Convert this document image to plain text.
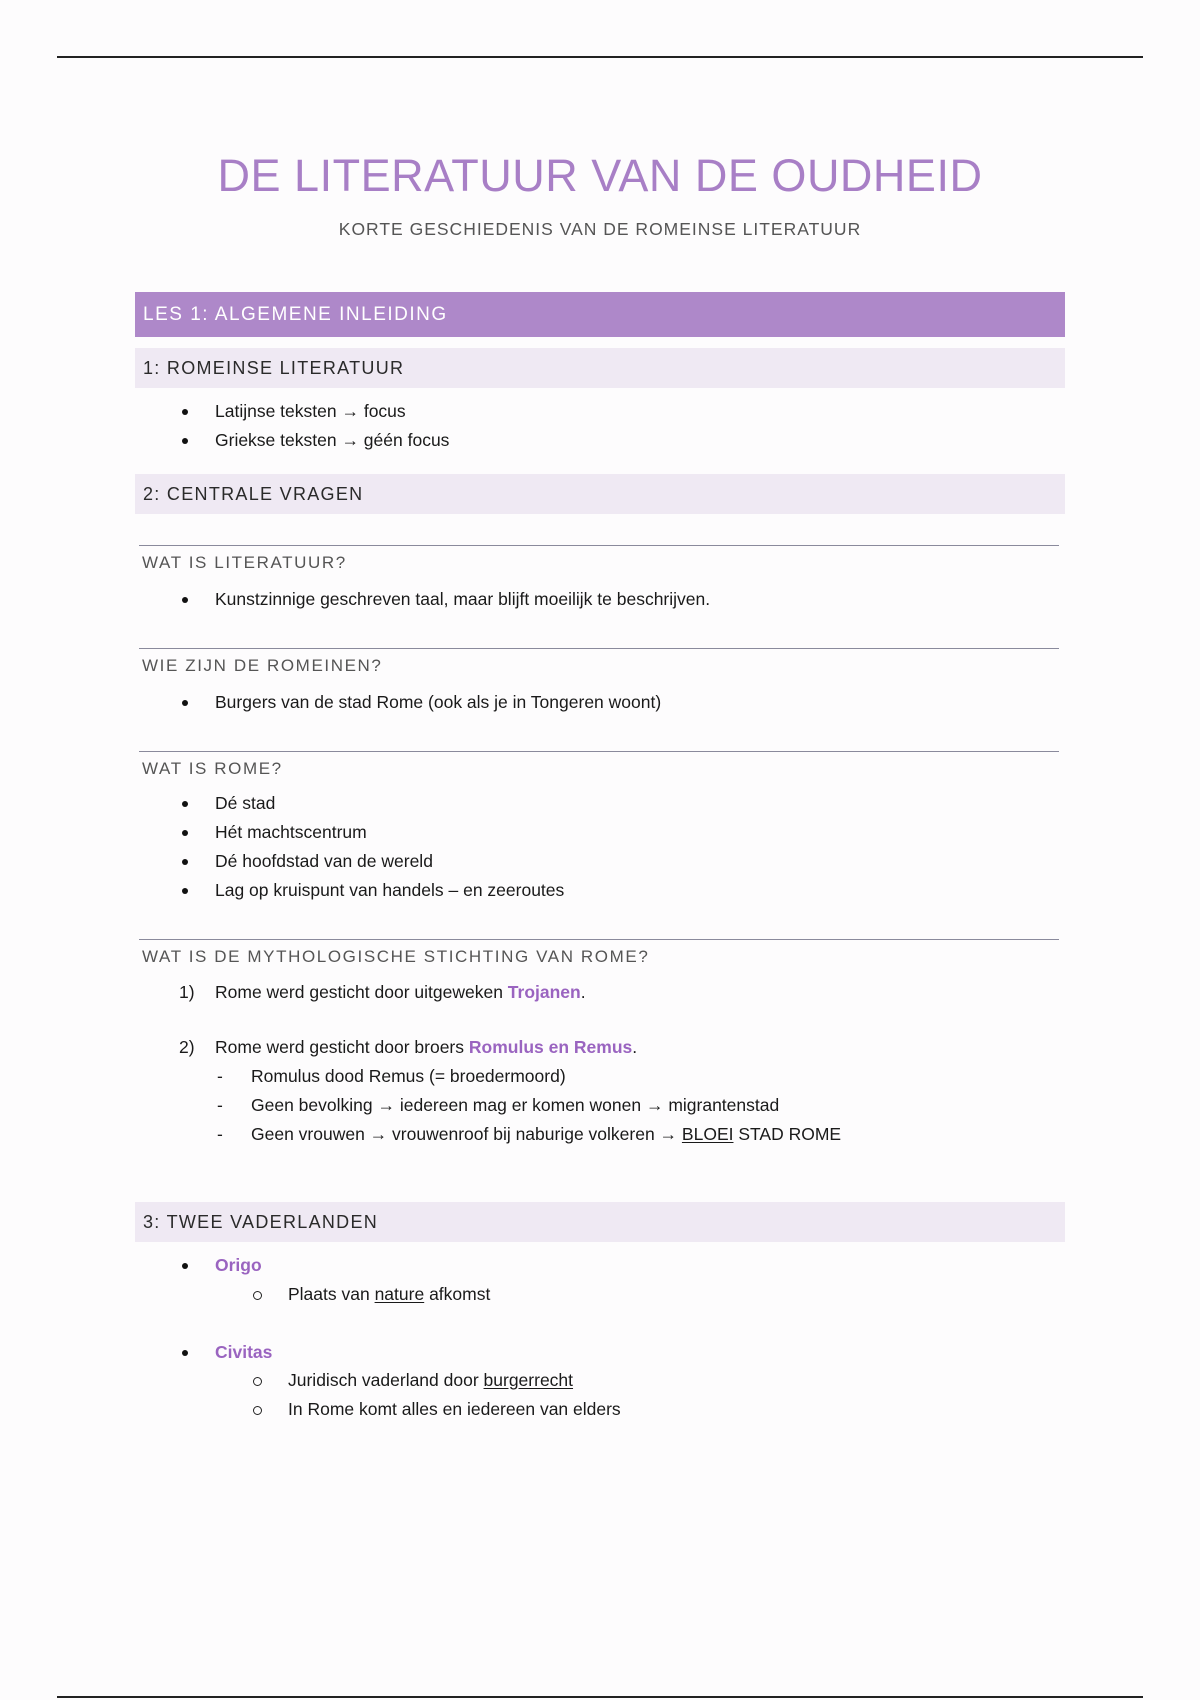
DE LITERATUUR VAN DE OUDHEID
KORTE GESCHIEDENIS VAN DE ROMEINSE LITERATUUR
LES 1: ALGEMENE INLEIDING
1: ROMEINSE LITERATUUR
Latijnse teksten → focus
Griekse teksten → géén focus
2: CENTRALE VRAGEN
WAT IS LITERATUUR?
Kunstzinnige geschreven taal, maar blijft moeilijk te beschrijven.
WIE ZIJN DE ROMEINEN?
Burgers van de stad Rome (ook als je in Tongeren woont)
WAT IS ROME?
Dé stad
Hét machtscentrum
Dé hoofdstad van de wereld
Lag op kruispunt van handels – en zeeroutes
WAT IS DE MYTHOLOGISCHE STICHTING VAN ROME?
1) Rome werd gesticht door uitgeweken Trojanen.
2) Rome werd gesticht door broers Romulus en Remus.
- Romulus dood Remus (= broedermoord)
- Geen bevolking → iedereen mag er komen wonen → migrantenstad
- Geen vrouwen → vrouwenroof bij naburige volkeren → BLOEI STAD ROME
3: TWEE VADERLANDEN
Origo
Plaats van nature afkomst
Civitas
Juridisch vaderland door burgerrecht
In Rome komt alles en iedereen van elders
